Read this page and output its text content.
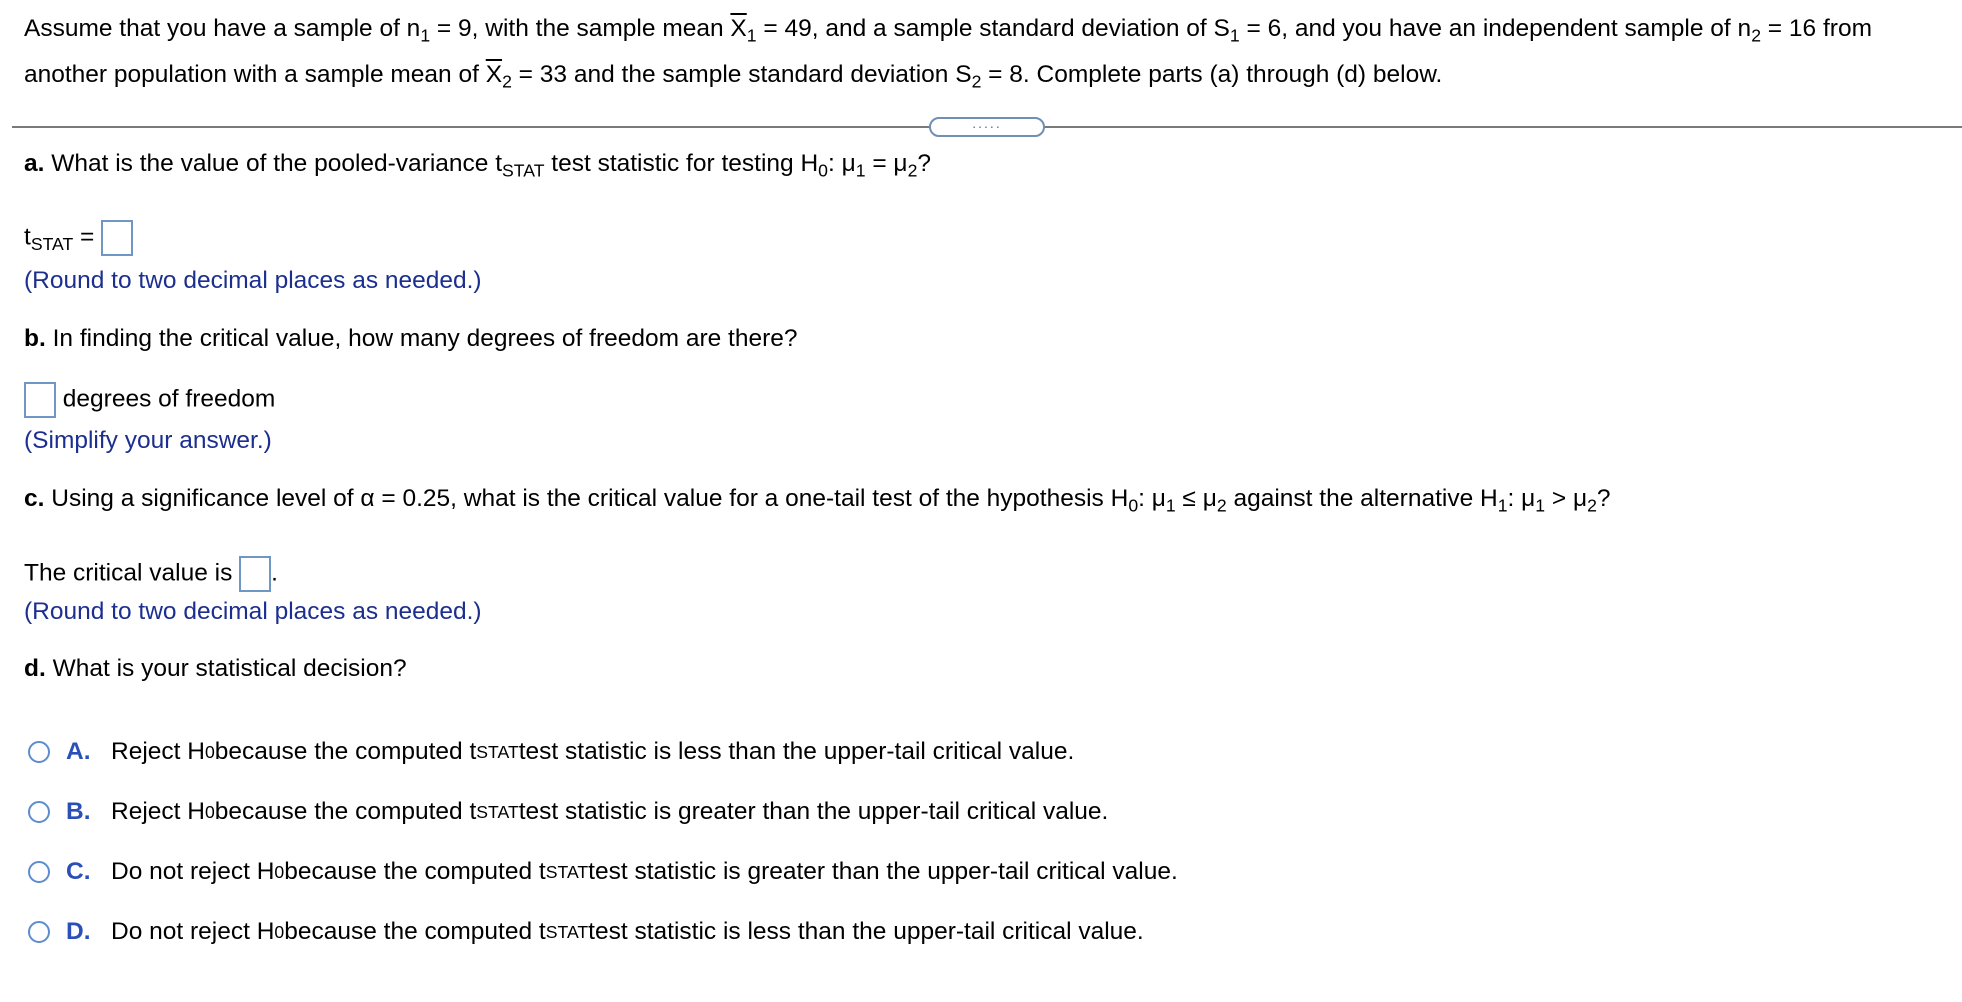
Assume that you have a sample of $n_1 = 9$, with the sample mean $\overline{X}_1 = 49$, and a sample standard deviation of $S_1 = 6$, and you have an independent sample of $n_2 = 16$ from another population with a sample mean of $\overline{X}_2 = 33$ and the sample standard deviation $S_2 = 8$. Complete parts (a) through (d) below.
.....
a. What is the value of the pooled-variance $t_{STAT}$ test statistic for testing $H_0$: $\mu_1 = \mu_2$?
$t_{STAT}$ =
(Round to two decimal places as needed.)
b. In finding the critical value, how many degrees of freedom are there?
degrees of freedom
(Simplify your answer.)
c. Using a significance level of α = 0.25, what is the critical value for a one-tail test of the hypothesis $H_0$: $\mu_1 \le \mu_2$ against the alternative $H_1$: $\mu_1 > \mu_2$?
The critical value is .
(Round to two decimal places as needed.)
d. What is your statistical decision?
A. Reject H 0 because the computed t STAT test statistic is less than the upper-tail critical value.
B. Reject H 0 because the computed t STAT test statistic is greater than the upper-tail critical value.
C. Do not reject H 0 because the computed t STAT test statistic is greater than the upper-tail critical value.
D. Do not reject H 0 because the computed t STAT test statistic is less than the upper-tail critical value.
